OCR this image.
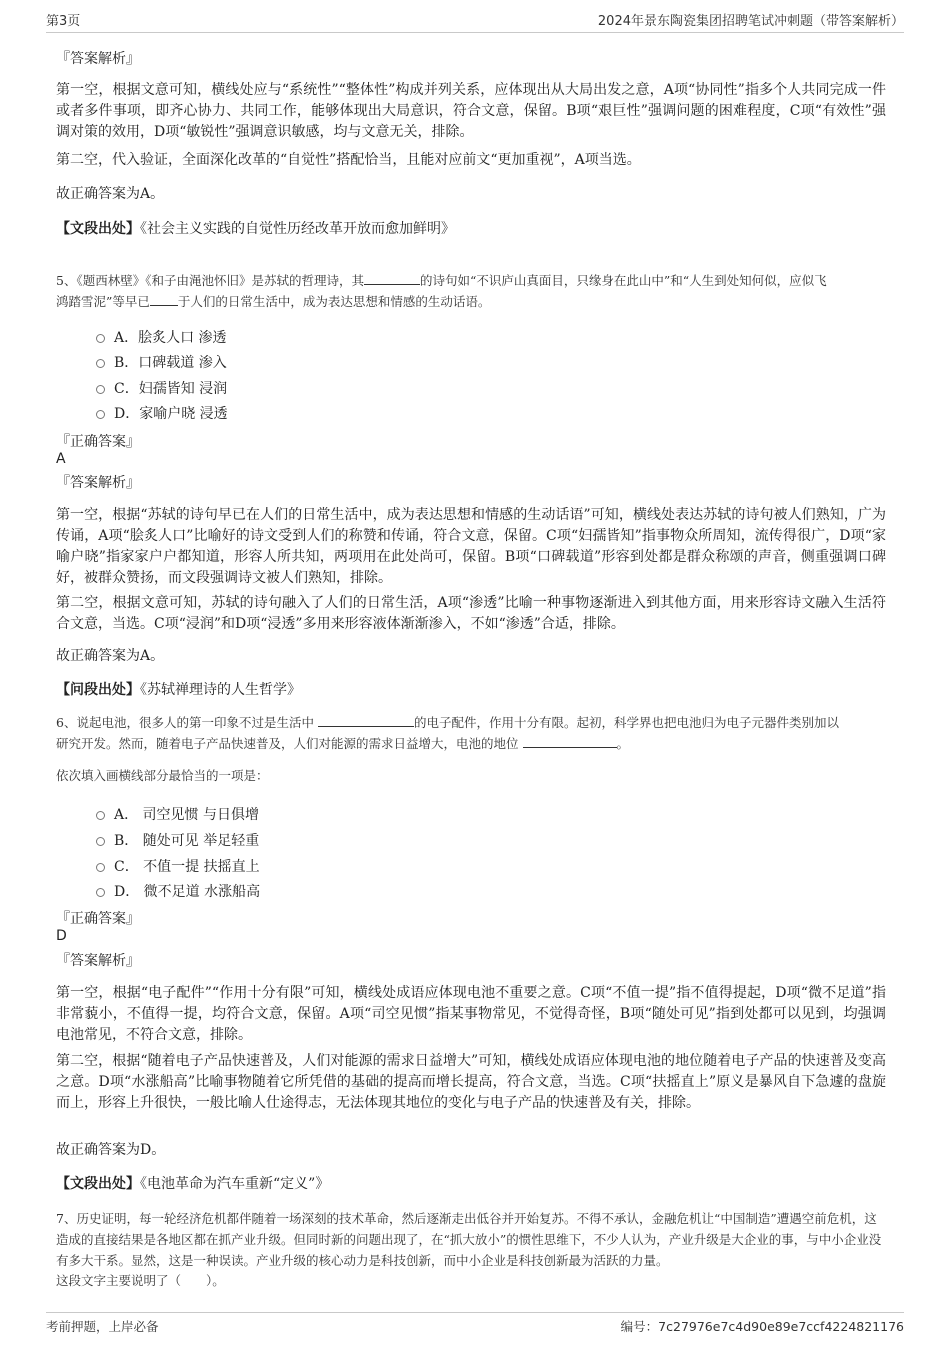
第3页	2024年景东陶瓷集团招聘笔试冲刺题（带答案解析）
『答案解析』
第一空，根据文意可知，横线处应与“系统性”“整体性”构成并列关系，应体现出从大局出发之意，A项“协同性”指多个人共同完成一件或者多件事项，即齐心协力、共同工作，能够体现出大局意识，符合文意，保留。B项“艰巨性”强调问题的困难程度，C项“有效性”强调对策的效用，D项“敏锐性”强调意识敏感，均与文意无关，排除。
第二空，代入验证，全面深化改革的“自觉性”搭配恰当，且能对应前文“更加重视”，A项当选。
故正确答案为A。
【文段出处】《社会主义实践的自觉性历经改革开放而愈加鲜明》
5、《题西林壁》《和子由渑池怀旧》是苏轼的哲理诗，其	的诗句如“不识庐山真面目，只缘身在此山中”和“人生到处知何似，应似飞
鸿踏雪泥”等早已 于人们的日常生活中，成为表达思想和情感的生动话语。
A．脍炙人口 渗透
B．口碑载道 渗入
C．妇孺皆知 浸润
D．家喻户晓 浸透
『正确答案』
A
『答案解析』
第一空，根据“苏轼的诗句早已在人们的日常生活中，成为表达思想和情感的生动话语”可知，横线处表达苏轼的诗句被人们熟知，广为传诵，A项“脍炙人口”比喻好的诗文受到人们的称赞和传诵，符合文意，保留。C项“妇孺皆知”指事物众所周知，流传得很广，D项“家喻户晓”指家家户户都知道，形容人所共知，两项用在此处尚可，保留。B项“口碑载道”形容到处都是群众称颂的声音，侧重强调口碑好，被群众赞扬，而文段强调诗文被人们熟知，排除。
第二空，根据文意可知，苏轼的诗句融入了人们的日常生活，A项“渗透”比喻一种事物逐渐进入到其他方面，用来形容诗文融入生活符合文意，当选。C项“浸润”和D项“浸透”多用来形容液体渐渐渗入，不如“渗透”合适，排除。
故正确答案为A。
【问段出处】《苏轼禅理诗的人生哲学》
6、说起电池，很多人的第一印象不过是生活中	的电子配件，作用十分有限。起初，科学界也把电池归为电子元器件类别加以
研究开发。然而，随着电子产品快速普及，人们对能源的需求日益增大，电池的地位	。
依次填入画横线部分最恰当的一项是：
A． 司空见惯 与日俱增
B． 随处可见 举足轻重
C． 不值一提 扶摇直上
D． 微不足道 水涨船高
『正确答案』
D
『答案解析』
第一空，根据“电子配件”“作用十分有限”可知，横线处成语应体现电池不重要之意。C项“不值一提”指不值得提起，D项“微不足道”指非常藐小，不值得一提，均符合文意，保留。A项“司空见惯”指某事物常见，不觉得奇怪，B项“随处可见”指到处都可以见到，均强调电池常见，不符合文意，排除。
第二空，根据“随着电子产品快速普及，人们对能源的需求日益增大”可知，横线处成语应体现电池的地位随着电子产品的快速普及变高之意。D项“水涨船高”比喻事物随着它所凭借的基础的提高而增长提高，符合文意，当选。C项“扶摇直上”原义是暴风自下急遽的盘旋而上，形容上升很快，一般比喻人仕途得志，无法体现其地位的变化与电子产品的快速普及有关，排除。
故正确答案为D。
【文段出处】《电池革命为汽车重新“定义”》
7、历史证明，每一轮经济危机都伴随着一场深刻的技术革命，然后逐渐走出低谷并开始复苏。不得不承认，金融危机让“中国制造”遭遇空前危机，这造成的直接结果是各地区都在抓产业升级。但同时新的问题出现了，在“抓大放小”的惯性思维下，不少人认为，产业升级是大企业的事，与中小企业没有多大干系。显然，这是一种误读。产业升级的核心动力是科技创新，而中小企业是科技创新最为活跃的力量。
这段文字主要说明了（　　）。
考前押题，上岸必备	编号：7c27976e7c4d90e89e7ccf4224821176
